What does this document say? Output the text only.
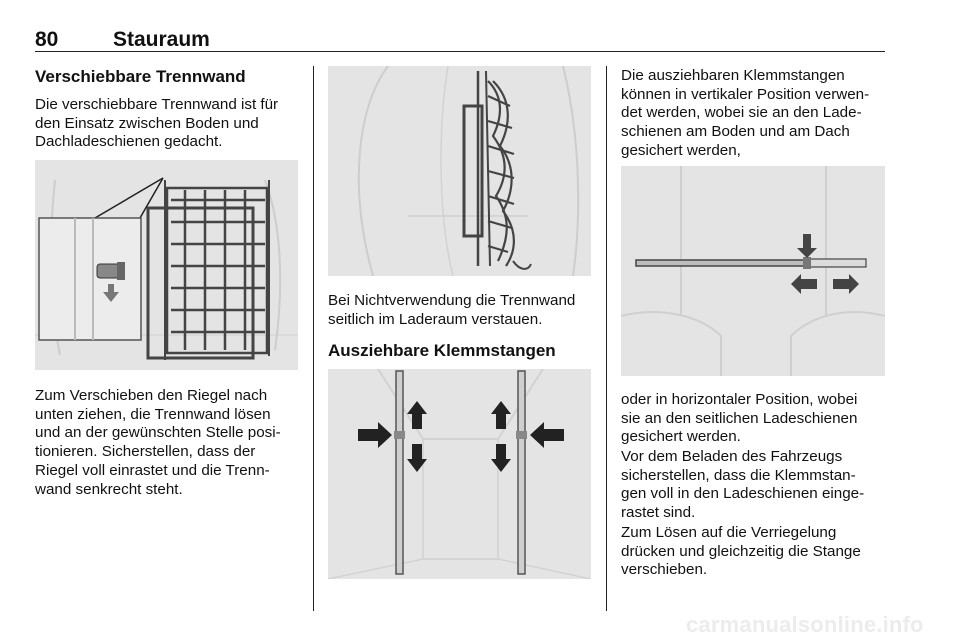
80	Stauraum
Verschiebbare Trennwand
Die verschiebbare Trennwand ist für
den Einsatz zwischen Boden und
Dachladeschienen gedacht.
Zum Verschieben den Riegel nach
unten ziehen, die Trennwand lösen
und an der gewünschten Stelle posi-
tionieren. Sicherstellen, dass der
Riegel voll einrastet und die Trenn-
wand senkrecht steht.
Bei Nichtverwendung die Trennwand
seitlich im Laderaum verstauen.
Ausziehbare Klemmstangen
Die ausziehbaren Klemmstangen
können in vertikaler Position verwen-
det werden, wobei sie an den Lade-
schienen am Boden und am Dach
gesichert werden,
oder in horizontaler Position, wobei
sie an den seitlichen Ladeschienen
gesichert werden.
Vor dem Beladen des Fahrzeugs
sicherstellen, dass die Klemmstan-
gen voll in den Ladeschienen einge-
rastet sind.
Zum Lösen auf die Verriegelung
drücken und gleichzeitig die Stange
verschieben.
carmanualsonline.info
